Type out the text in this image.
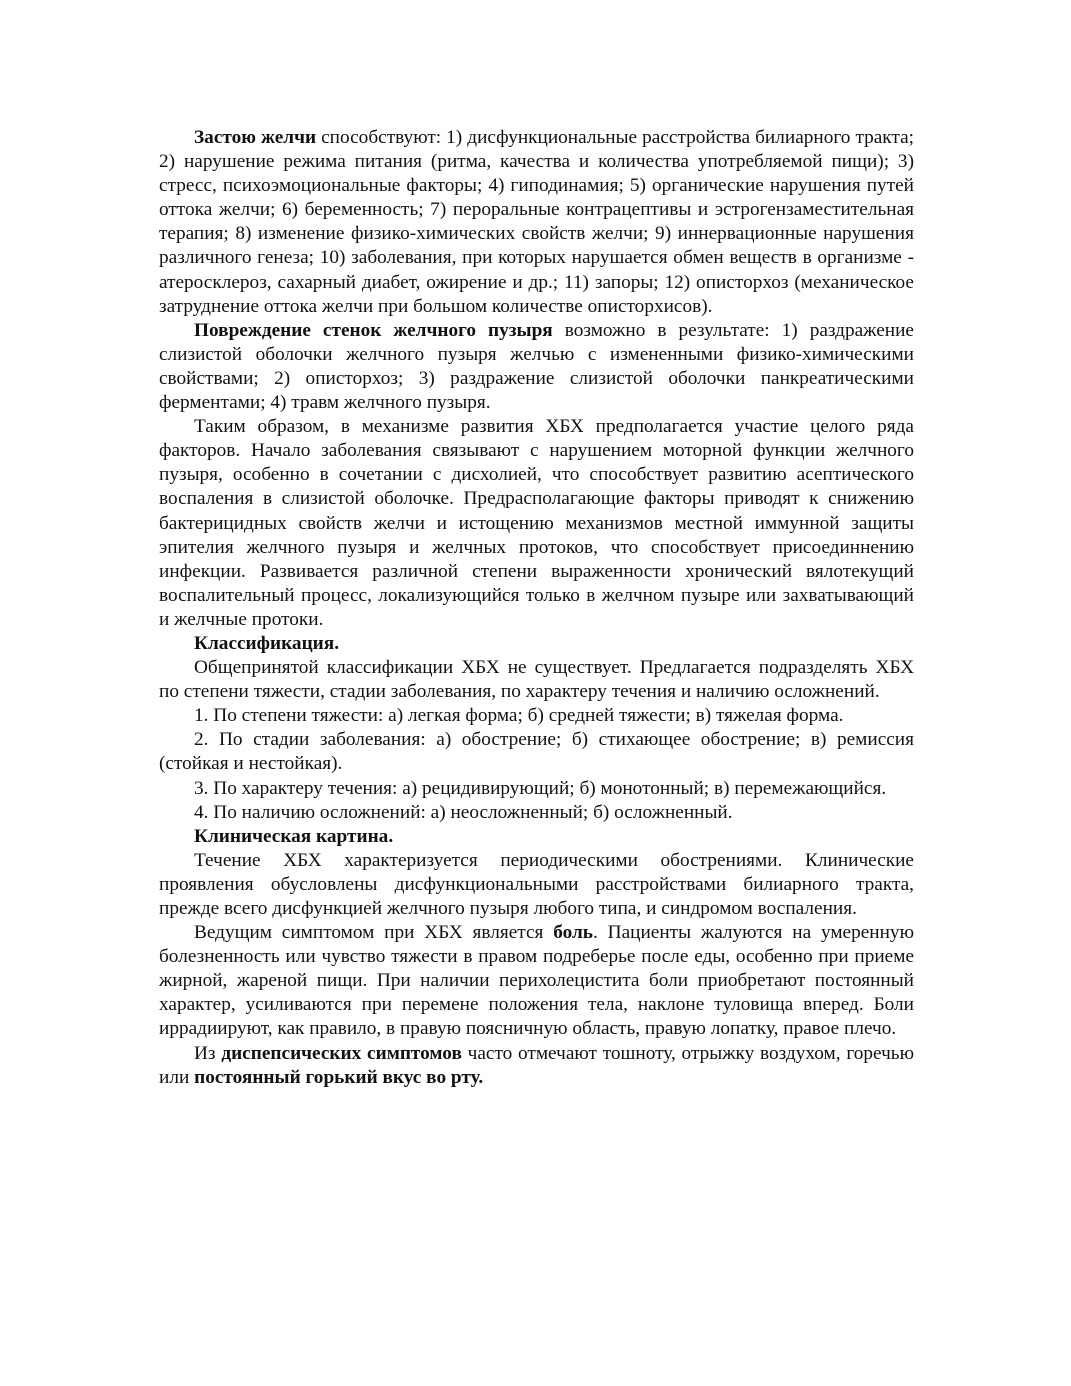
Застою желчи способствуют: 1) дисфункциональные расстройства билиарного тракта; 2) нарушение режима питания (ритма, качества и количества употребляемой пищи); 3) стресс, психоэмоциональные факторы; 4) гиподинамия; 5) органические нарушения путей оттока желчи; 6) беременность; 7) пероральные контрацептивы и эстрогензаместительная терапия; 8) изменение физико-химических свойств желчи; 9) иннервационные нарушения различного генеза; 10) заболевания, при которых нарушается обмен веществ в организме - атеросклероз, сахарный диабет, ожирение и др.; 11) запоры; 12) описторхоз (механическое затруднение оттока желчи при большом количестве описторхисов).

Повреждение стенок желчного пузыря возможно в результате: 1) раздражение слизистой оболочки желчного пузыря желчью с измененными физико-химическими свойствами; 2) описторхоз; 3) раздражение слизистой оболочки панкреатическими ферментами; 4) травм желчного пузыря.

Таким образом, в механизме развития ХБХ предполагается участие целого ряда факторов. Начало заболевания связывают с нарушением моторной функции желчного пузыря, особенно в сочетании с дисхолией, что способствует развитию асептического воспаления в слизистой оболочке. Предрасполагающие факторы приводят к снижению бактерицидных свойств желчи и истощению механизмов местной иммунной защиты эпителия желчного пузыря и желчных протоков, что способствует присоединнению инфекции. Развивается различной степени выраженности хронический вялотекущий воспалительный процесс, локализующийся только в желчном пузыре или захватывающий и желчные протоки.

Классификация.

Общепринятой классификации ХБХ не существует. Предлагается подразделять ХБХ по степени тяжести, стадии заболевания, по характеру течения и наличию осложнений.

1. По степени тяжести: а) легкая форма; б) средней тяжести; в) тяжелая форма.

2. По стадии заболевания: а) обострение; б) стихающее обострение; в) ремиссия (стойкая и нестойкая).

3. По характеру течения: а) рецидивирующий; б) монотонный; в) перемежающийся.

4. По наличию осложнений: а) неосложненный; б) осложненный.

Клиническая картина.

Течение ХБХ характеризуется периодическими обострениями. Клинические проявления обусловлены дисфункциональными расстройствами билиарного тракта, прежде всего дисфункцией желчного пузыря любого типа, и синдромом воспаления.

Ведущим симптомом при ХБХ является боль. Пациенты жалуются на умеренную болезненность или чувство тяжести в правом подреберье после еды, особенно при приеме жирной, жареной пищи. При наличии перихолецистита боли приобретают постоянный характер, усиливаются при перемене положения тела, наклоне туловища вперед. Боли иррадиируют, как правило, в правую поясничную область, правую лопатку, правое плечо.

Из диспепсических симптомов часто отмечают тошноту, отрыжку воздухом, горечью или постоянный горький вкус во рту.
